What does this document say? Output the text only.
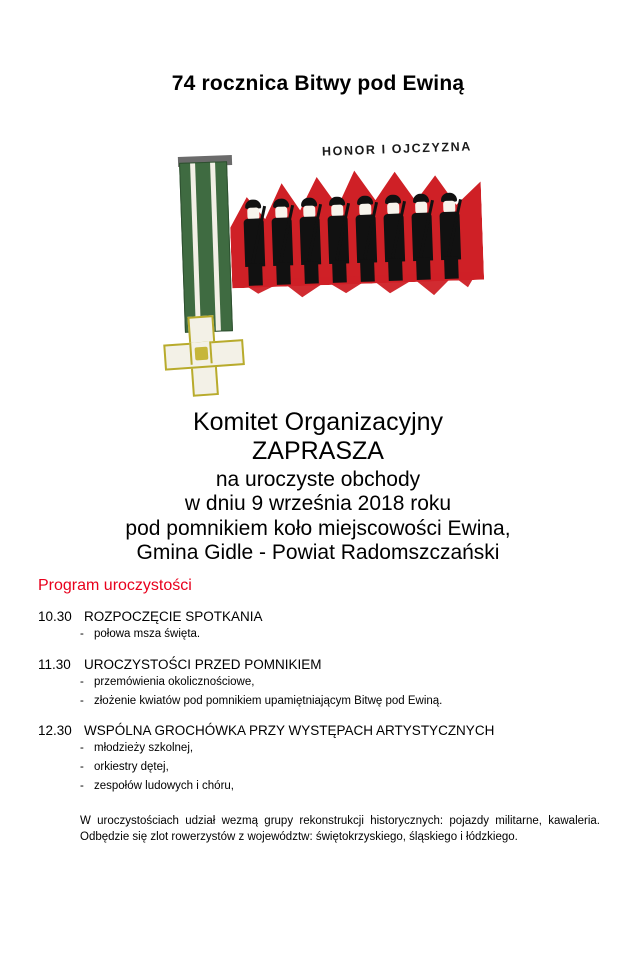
74 rocznica Bitwy pod Ewiną
HONOR I OJCZYZNA
Komitet Organizacyjny
ZAPRASZA
na uroczyste obchody
w dniu 9 września 2018 roku
pod pomnikiem koło miejscowości Ewina,
Gmina Gidle - Powiat Radomszczański
Program uroczystości
10.30 ROZPOCZĘCIE SPOTKANIA
- połowa msza święta.
11.30 UROCZYSTOŚCI PRZED POMNIKIEM
- przemówienia okolicznościowe,
- złożenie kwiatów pod pomnikiem upamiętniającym Bitwę pod Ewiną.
12.30 WSPÓLNA GROCHÓWKA PRZY WYSTĘPACH ARTYSTYCZNYCH
- młodzieży szkolnej,
- orkiestry dętej,
- zespołów ludowych i chóru,
W uroczystościach udział wezmą grupy rekonstrukcji historycznych: pojazdy militarne, kawaleria. Odbędzie się zlot rowerzystów z województw: świętokrzyskiego, śląskiego i łódzkiego.
